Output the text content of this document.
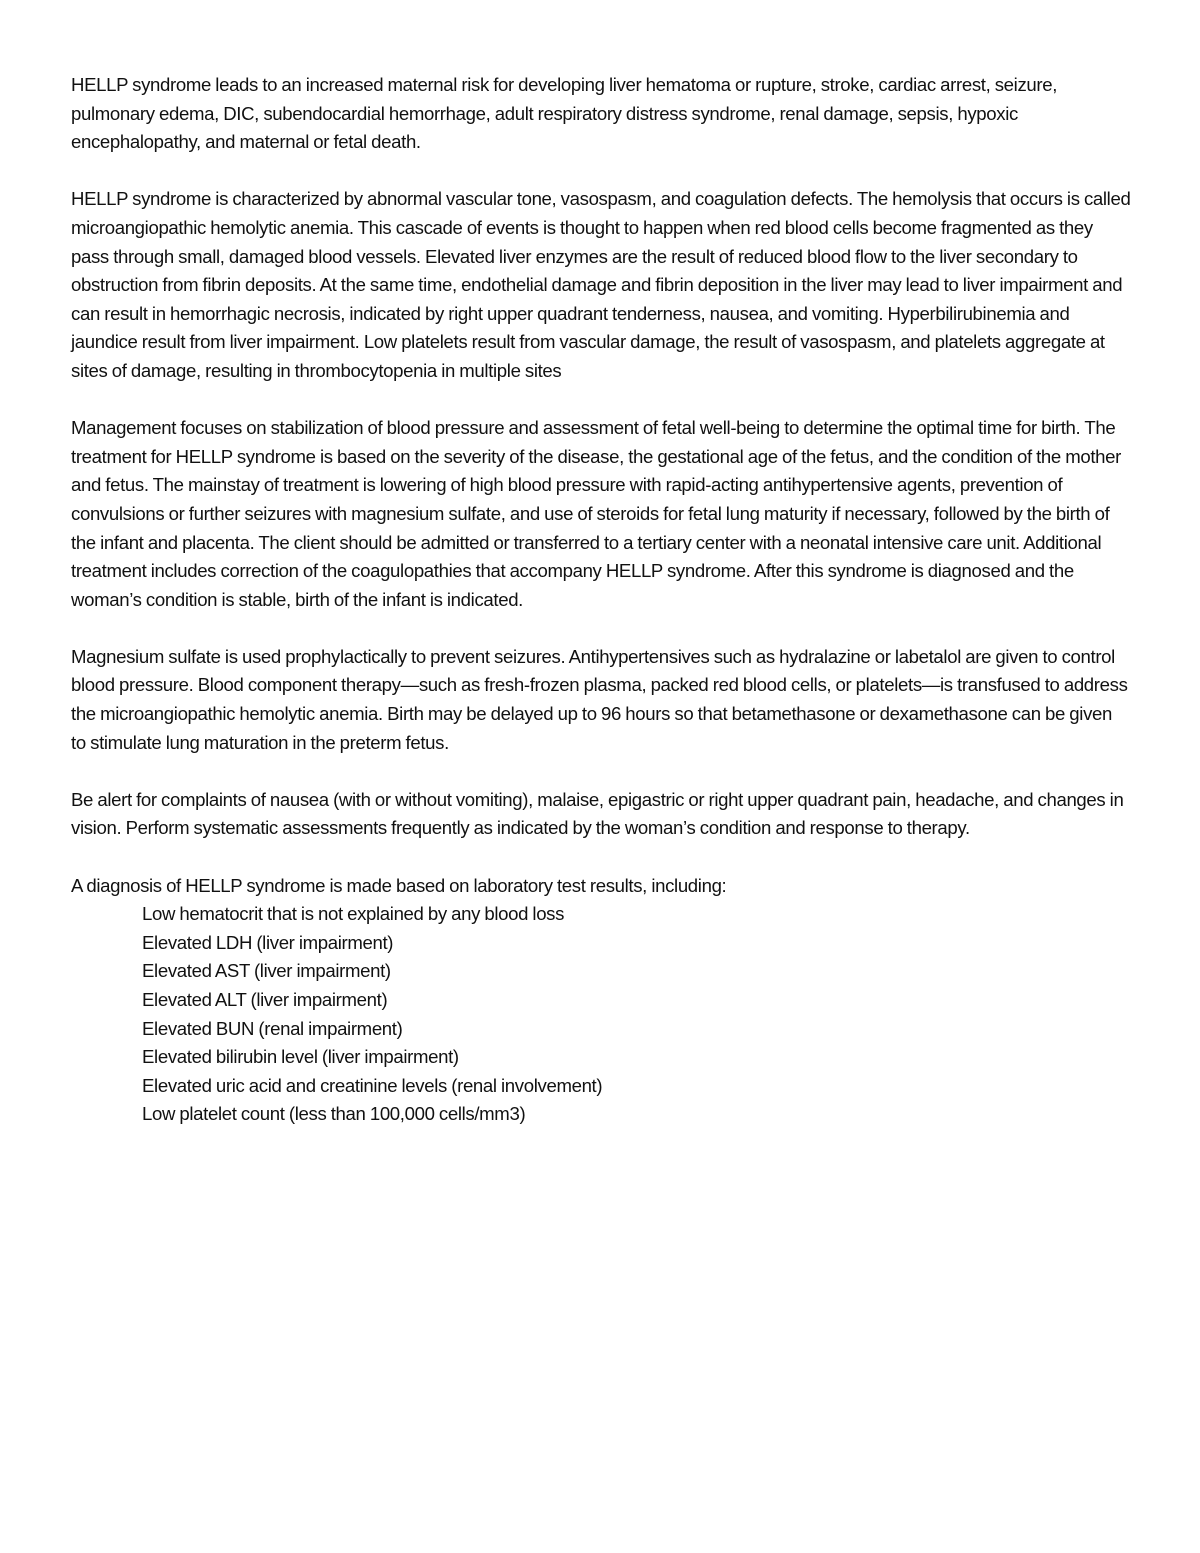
HELLP syndrome leads to an increased maternal risk for developing liver hematoma or rupture, stroke, cardiac arrest, seizure, pulmonary edema, DIC, subendocardial hemorrhage, adult respiratory distress syndrome, renal damage, sepsis, hypoxic encephalopathy, and maternal or fetal death.

HELLP syndrome is characterized by abnormal vascular tone, vasospasm, and coagulation defects. The hemolysis that occurs is called microangiopathic hemolytic anemia. This cascade of events is thought to happen when red blood cells become fragmented as they pass through small, damaged blood vessels. Elevated liver enzymes are the result of reduced blood flow to the liver secondary to obstruction from fibrin deposits. At the same time, endothelial damage and fibrin deposition in the liver may lead to liver impairment and can result in hemorrhagic necrosis, indicated by right upper quadrant tenderness, nausea, and vomiting. Hyperbilirubinemia and jaundice result from liver impairment. Low platelets result from vascular damage, the result of vasospasm, and platelets aggregate at sites of damage, resulting in thrombocytopenia in multiple sites

Management focuses on stabilization of blood pressure and assessment of fetal well-being to determine the optimal time for birth. The treatment for HELLP syndrome is based on the severity of the disease, the gestational age of the fetus, and the condition of the mother and fetus. The mainstay of treatment is lowering of high blood pressure with rapid-acting antihypertensive agents, prevention of convulsions or further seizures with magnesium sulfate, and use of steroids for fetal lung maturity if necessary, followed by the birth of the infant and placenta. The client should be admitted or transferred to a tertiary center with a neonatal intensive care unit. Additional treatment includes correction of the coagulopathies that accompany HELLP syndrome. After this syndrome is diagnosed and the woman’s condition is stable, birth of the infant is indicated.

Magnesium sulfate is used prophylactically to prevent seizures. Antihypertensives such as hydralazine or labetalol are given to control blood pressure. Blood component therapy—such as fresh-frozen plasma, packed red blood cells, or platelets—is transfused to address the microangiopathic hemolytic anemia. Birth may be delayed up to 96 hours so that betamethasone or dexamethasone can be given to stimulate lung maturation in the preterm fetus.

Be alert for complaints of nausea (with or without vomiting), malaise, epigastric or right upper quadrant pain, headache, and changes in vision. Perform systematic assessments frequently as indicated by the woman’s condition and response to therapy.

A diagnosis of HELLP syndrome is made based on laboratory test results, including:

Low hematocrit that is not explained by any blood loss
Elevated LDH (liver impairment)
Elevated AST (liver impairment)
Elevated ALT (liver impairment)
Elevated BUN (renal impairment)
Elevated bilirubin level (liver impairment)
Elevated uric acid and creatinine levels (renal involvement)
Low platelet count (less than 100,000 cells/mm3)
